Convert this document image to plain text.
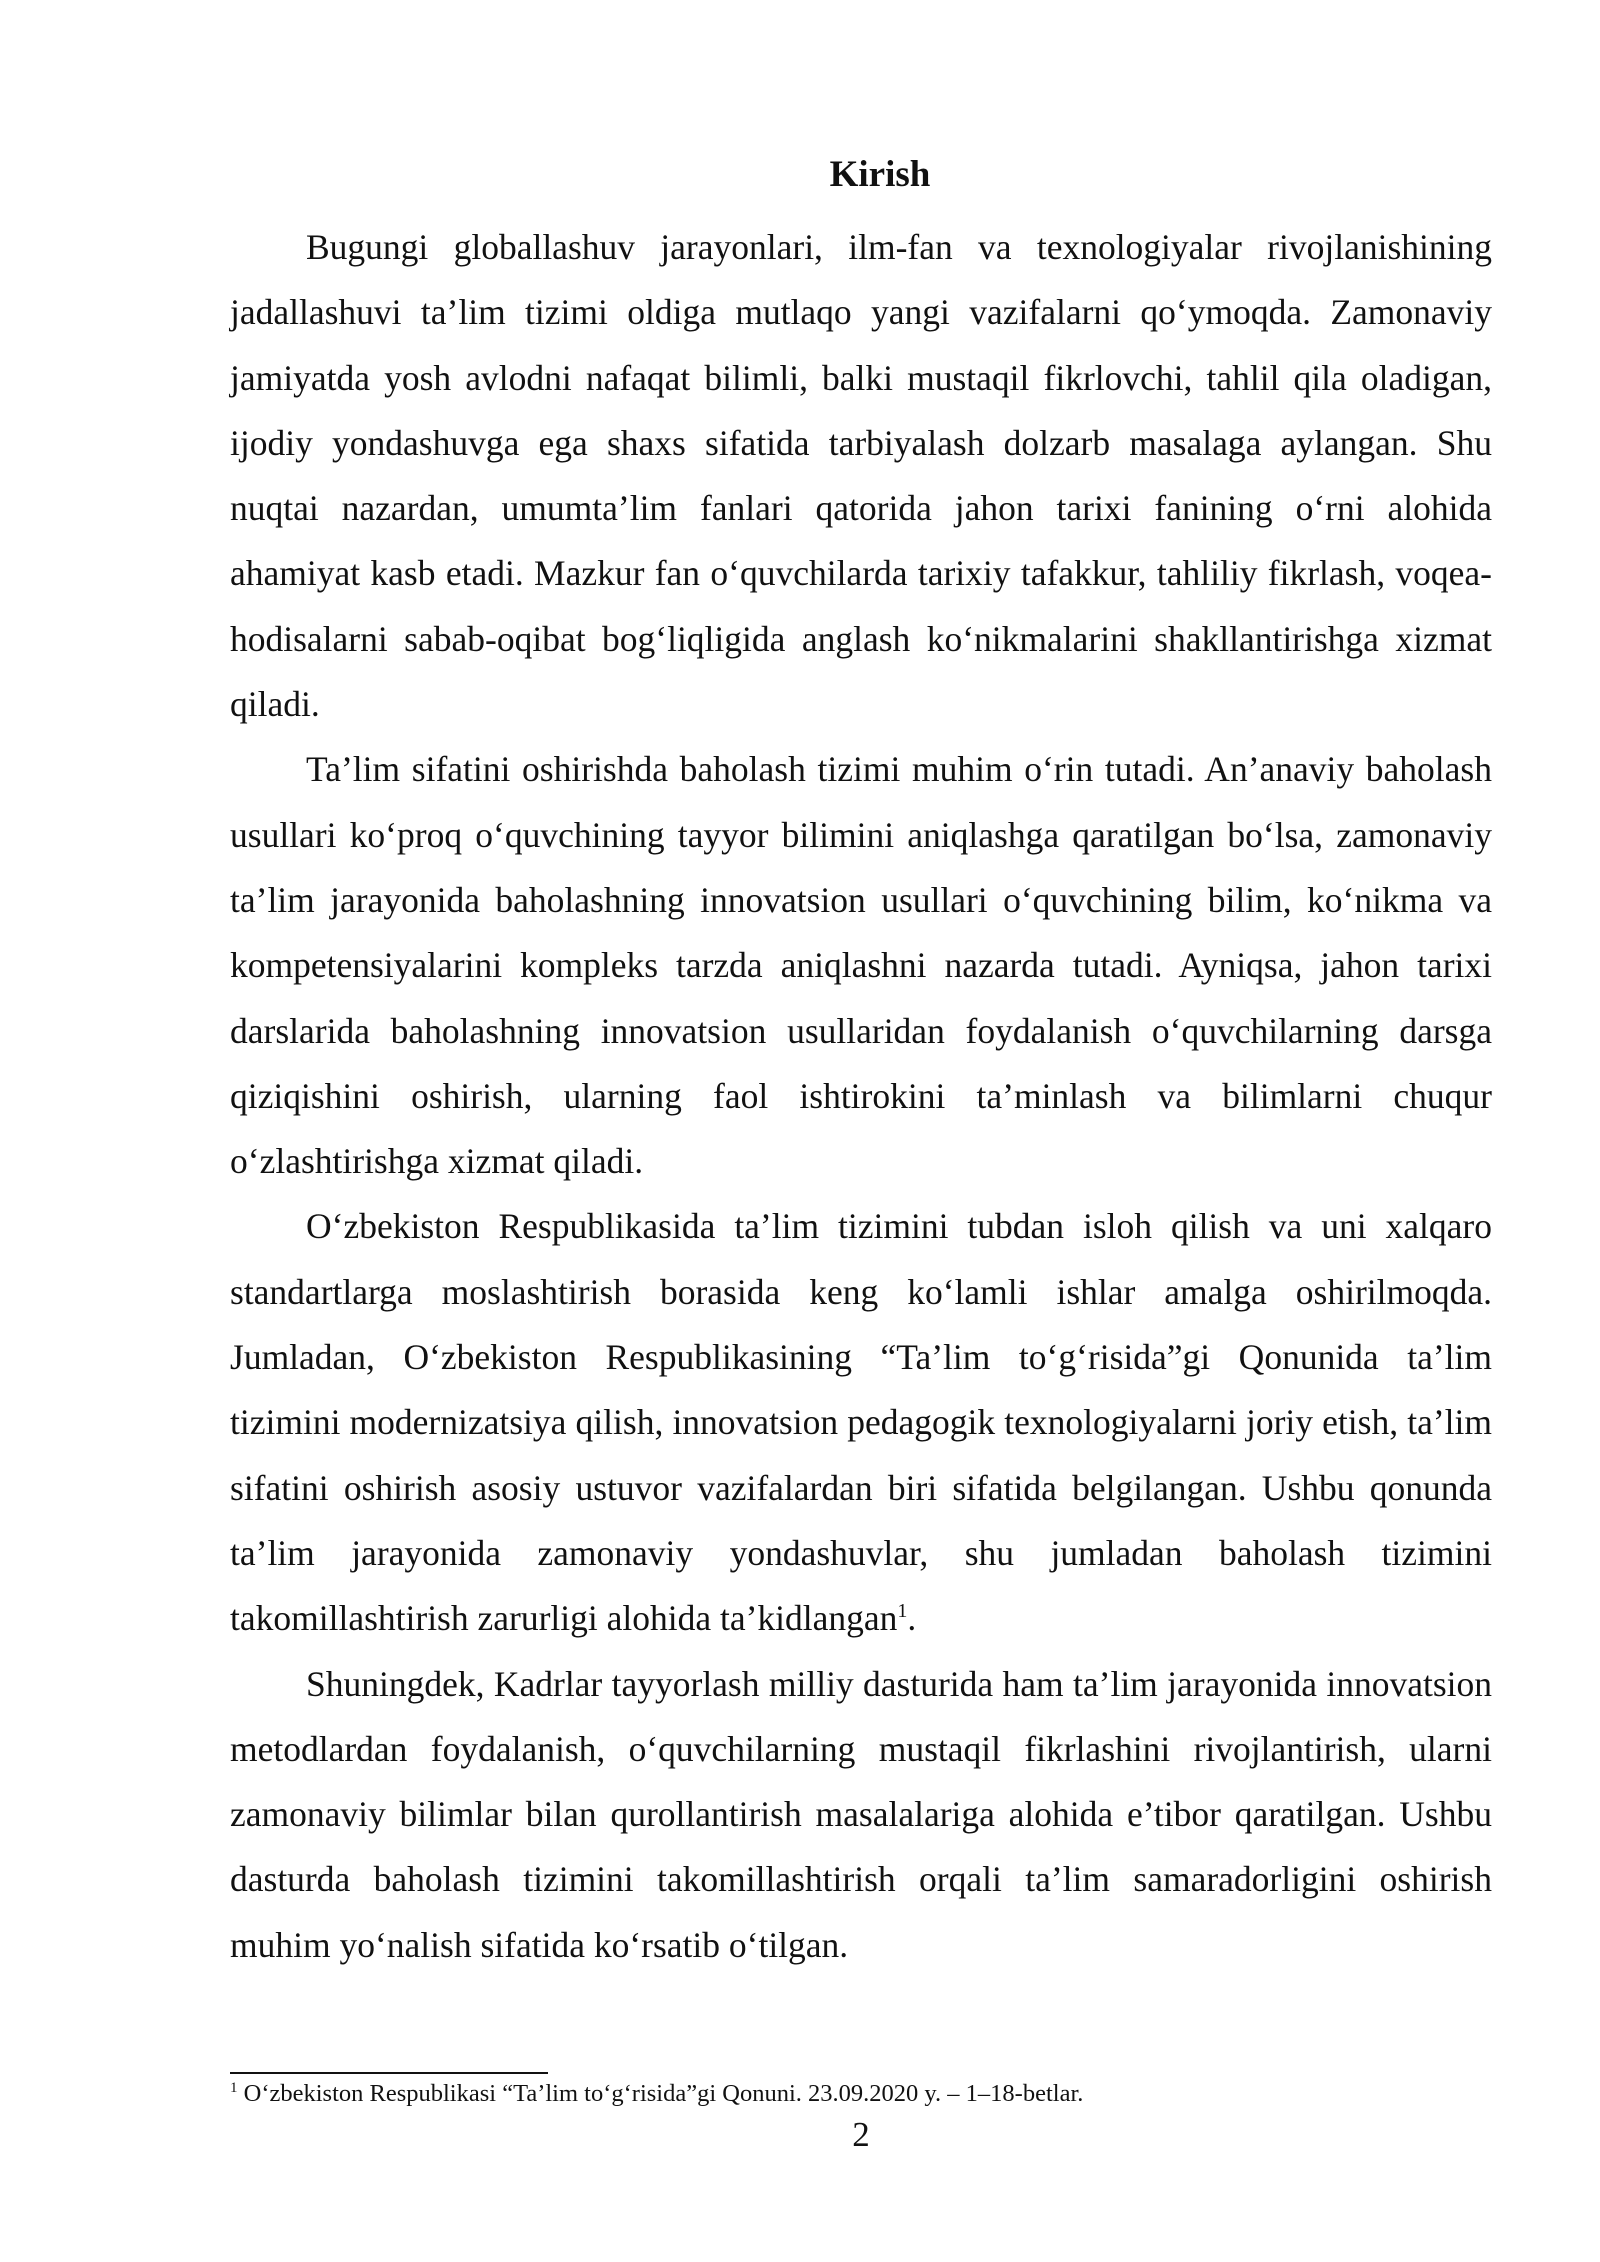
Kirish

Bugungi globallashuv jarayonlari, ilm-fan va texnologiyalar rivojlanishining jadallashuvi ta’lim tizimi oldiga mutlaqo yangi vazifalarni qo‘ymoqda. Zamonaviy jamiyatda yosh avlodni nafaqat bilimli, balki mustaqil fikrlovchi, tahlil qila oladigan, ijodiy yondashuvga ega shaxs sifatida tarbiyalash dolzarb masalaga aylangan. Shu nuqtai nazardan, umumta’lim fanlari qatorida jahon tarixi fanining o‘rni alohida ahamiyat kasb etadi. Mazkur fan o‘quvchilarda tarixiy tafakkur, tahliliy fikrlash, voqea-hodisalarni sabab-oqibat bog‘liqligida anglash ko‘nikmalarini shakllantirishga xizmat qiladi.

Ta’lim sifatini oshirishda baholash tizimi muhim o‘rin tutadi. An’anaviy baholash usullari ko‘proq o‘quvchining tayyor bilimini aniqlashga qaratilgan bo‘lsa, zamonaviy ta’lim jarayonida baholashning innovatsion usullari o‘quvchining bilim, ko‘nikma va kompetensiyalarini kompleks tarzda aniqlashni nazarda tutadi. Ayniqsa, jahon tarixi darslarida baholashning innovatsion usullaridan foydalanish o‘quvchilarning darsga qiziqishini oshirish, ularning faol ishtirokini ta’minlash va bilimlarni chuqur o‘zlashtirishga xizmat qiladi.

O‘zbekiston Respublikasida ta’lim tizimini tubdan isloh qilish va uni xalqaro standartlarga moslashtirish borasida keng ko‘lamli ishlar amalga oshirilmoqda. Jumladan, O‘zbekiston Respublikasining “Ta’lim to‘g‘risida”gi Qonunida ta’lim tizimini modernizatsiya qilish, innovatsion pedagogik texnologiyalarni joriy etish, ta’lim sifatini oshirish asosiy ustuvor vazifalardan biri sifatida belgilangan. Ushbu qonunda ta’lim jarayonida zamonaviy yondashuvlar, shu jumladan baholash tizimini takomillashtirish zarurligi alohida ta’kidlangan$^1$.

Shuningdek, Kadrlar tayyorlash milliy dasturida ham ta’lim jarayonida innovatsion metodlardan foydalanish, o‘quvchilarning mustaqil fikrlashini rivojlantirish, ularni zamonaviy bilimlar bilan qurollantirish masalalariga alohida e’tibor qaratilgan. Ushbu dasturda baholash tizimini takomillashtirish orqali ta’lim samaradorligini oshirish muhim yo‘nalish sifatida ko‘rsatib o‘tilgan.

$^1$ O‘zbekiston Respublikasi “Ta’lim to‘g‘risida”gi Qonuni. 23.09.2020 y. – 1–18-betlar.
2
